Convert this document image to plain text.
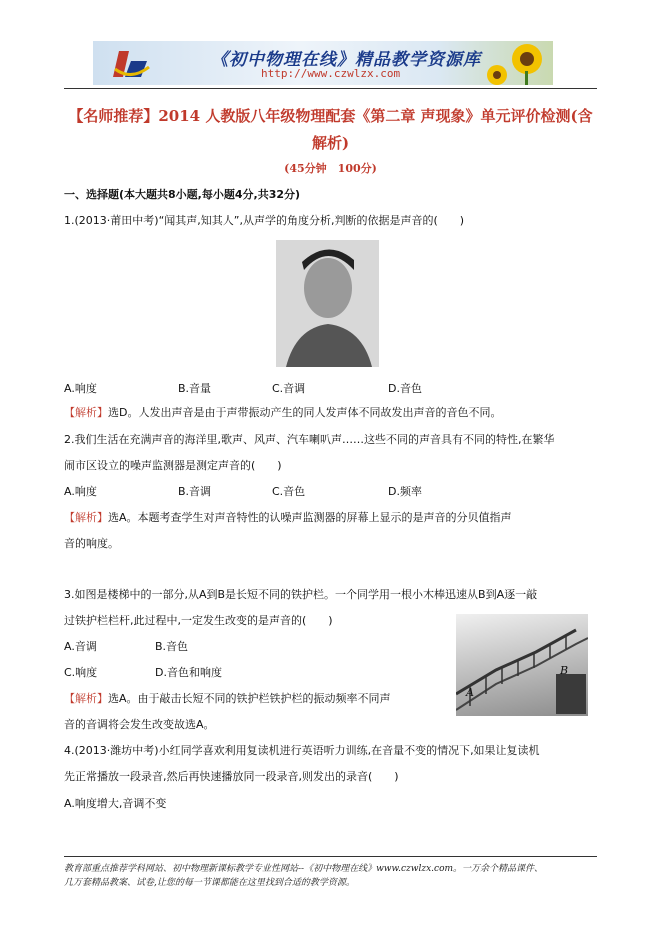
《初中物理在线》精品教学资源库
http://www.czwlzx.com
【名师推荐】2014 人教版八年级物理配套《第二章 声现象》单元评价检测(含
解析)
(45分钟　100分)
一、选择题(本大题共8小题,每小题4分,共32分)
1.(2013·莆田中考)“闻其声,知其人”,从声学的角度分析,判断的依据是声音的(　　)
A.响度	B.音量	C.音调	D.音色
【解析】选D。人发出声音是由于声带振动产生的同人发声体不同故发出声音的音色不同。
2.我们生活在充满声音的海洋里,歌声、风声、汽车喇叭声……这些不同的声音具有不同的特性,在繁华
闹市区设立的噪声监测器是测定声音的(　　)
A.响度	B.音调	C.音色	D.频率
【解析】选A。本题考查学生对声音特性的认噪声监测器的屏幕上显示的是声音的分贝值指声
音的响度。
3.如图是楼梯中的一部分,从A到B是长短不同的铁护栏。一个同学用一根小木棒迅速从B到A逐一敲
过铁护栏栏杆,此过程中,一定发生改变的是声音的(　　)
A.音调	B.音色
C.响度	D.音色和响度
【解析】选A。由于敲击长短不同的铁护栏铁护栏的振动频率不同声
音的音调将会发生改变故选A。
A
B
4.(2013·潍坊中考)小红同学喜欢利用复读机进行英语听力训练,在音量不变的情况下,如果让复读机
先正常播放一段录音,然后再快速播放同一段录音,则发出的录音(　　)
A.响度增大,音调不变
教育部重点推荐学科网站、初中物理新课标教学专业性网站--《初中物理在线》www.czwlzx.com。一万余个精品课件、
几万套精品教案、试卷,让您的每一节课都能在这里找到合适的教学资源。
